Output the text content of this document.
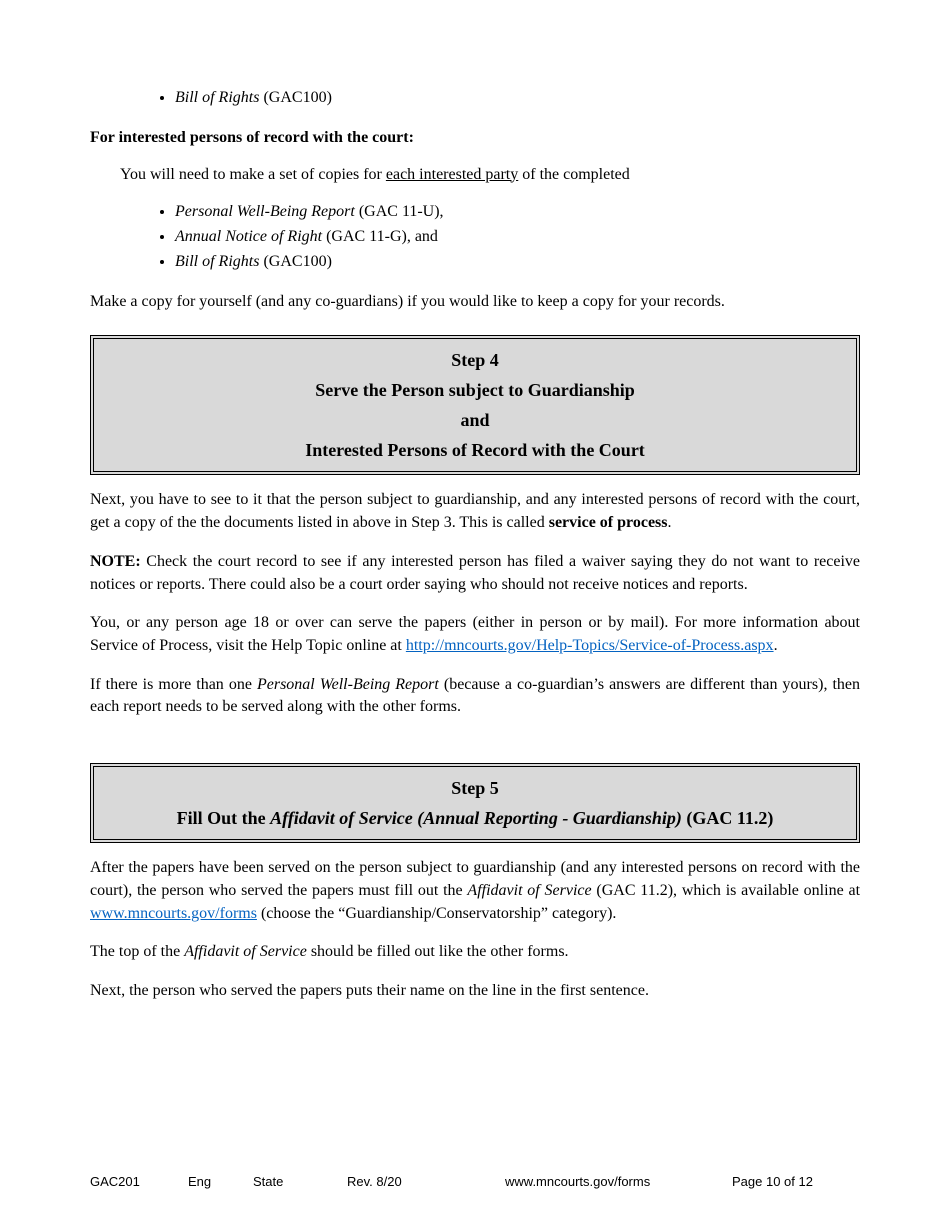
• Bill of Rights (GAC100)

For interested persons of record with the court:

You will need to make a set of copies for each interested party of the completed

• Personal Well-Being Report (GAC 11-U),
• Annual Notice of Right (GAC 11-G), and
• Bill of Rights (GAC100)

Make a copy for yourself (and any co-guardians) if you would like to keep a copy for your records.

Step 4
Serve the Person subject to Guardianship
and
Interested Persons of Record with the Court

Next, you have to see to it that the person subject to guardianship, and any interested persons of record with the court, get a copy of the the documents listed in above in Step 3. This is called service of process.

NOTE: Check the court record to see if any interested person has filed a waiver saying they do not want to receive notices or reports. There could also be a court order saying who should not receive notices and reports.

You, or any person age 18 or over can serve the papers (either in person or by mail). For more information about Service of Process, visit the Help Topic online at http://mncourts.gov/Help-Topics/Service-of-Process.aspx.

If there is more than one Personal Well-Being Report (because a co-guardian’s answers are different than yours), then each report needs to be served along with the other forms.

Step 5
Fill Out the Affidavit of Service (Annual Reporting - Guardianship) (GAC 11.2)

After the papers have been served on the person subject to guardianship (and any interested persons on record with the court), the person who served the papers must fill out the Affidavit of Service (GAC 11.2), which is available online at www.mncourts.gov/forms (choose the “Guardianship/Conservatorship” category).

The top of the Affidavit of Service should be filled out like the other forms.

Next, the person who served the papers puts their name on the line in the first sentence.

GAC201	Eng	State	Rev. 8/20	www.mncourts.gov/forms	Page 10 of 12
